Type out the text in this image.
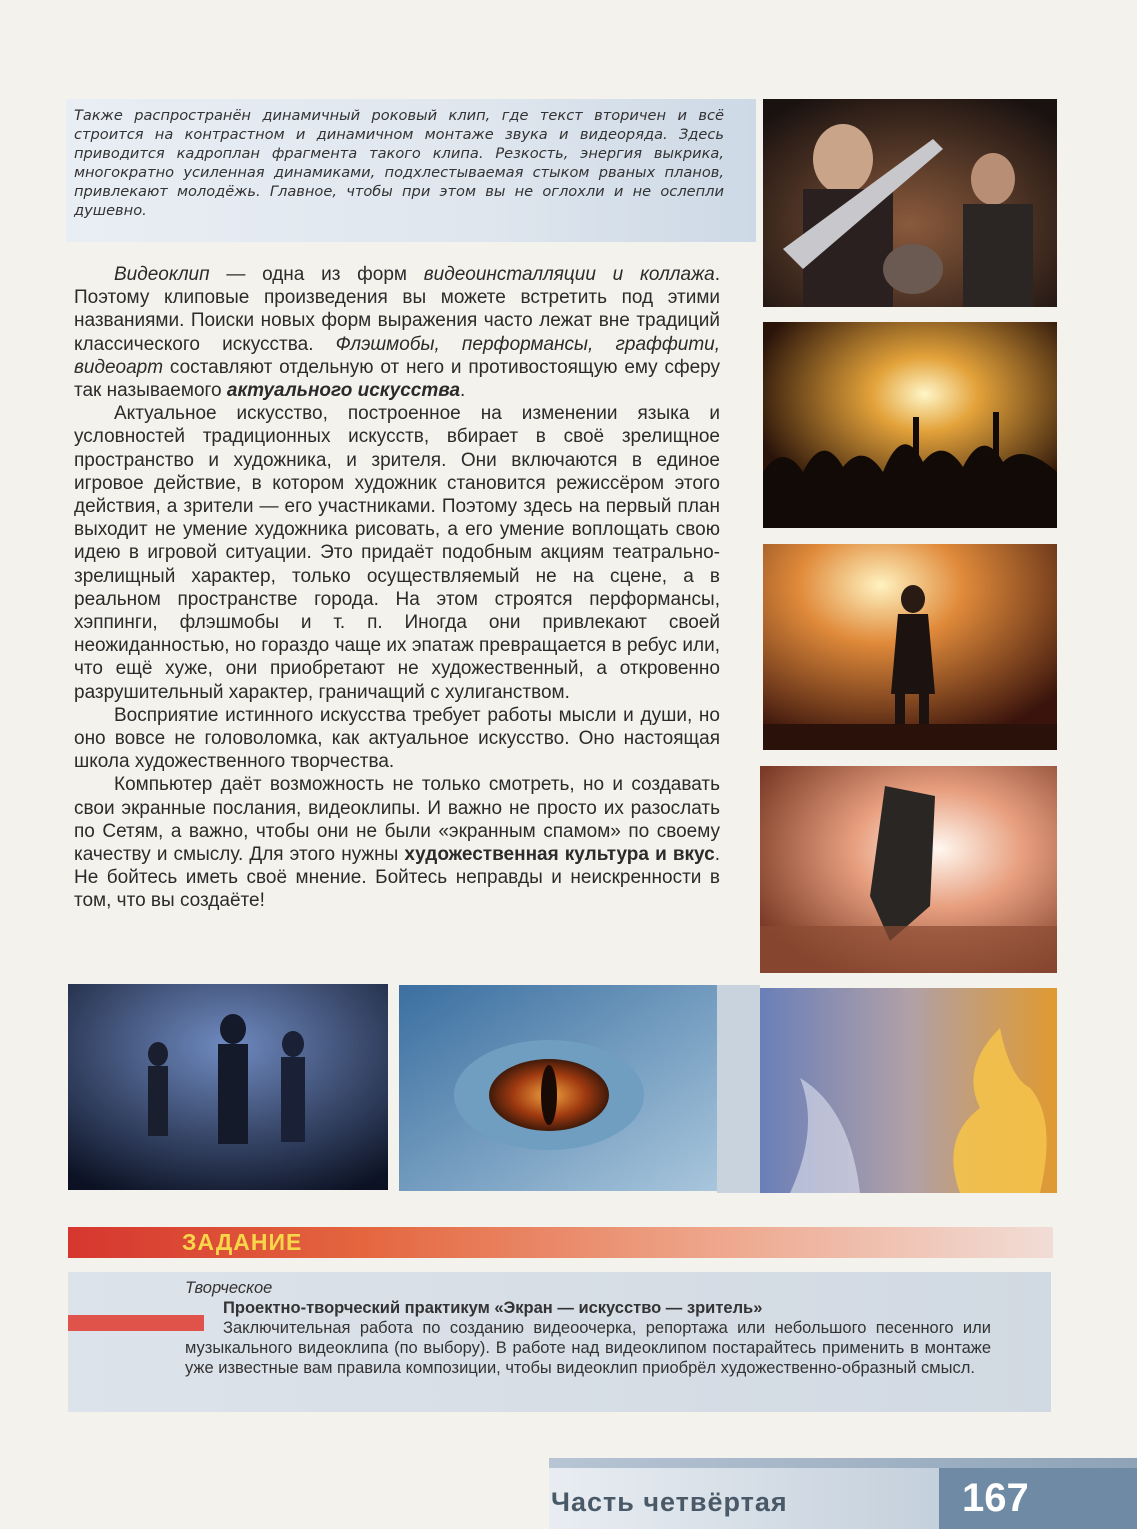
Также распространён динамичный роковый клип, где текст вторичен и всё строится на контрастном и динамичном монтаже звука и видеоряда. Здесь приводится кадроплан фрагмента такого клипа. Резкость, энергия выкрика, многократно усиленная динамиками, подхлестываемая стыком рваных планов, привлекают молодёжь. Главное, чтобы при этом вы не оглохли и не ослепли душевно.

Видеоклип — одна из форм видеоинсталляции и коллажа. Поэтому клиповые произведения вы можете встретить под этими названиями. Поиски новых форм выражения часто лежат вне традиций классического искусства. Флэшмобы, перформансы, граффити, видеоарт составляют отдельную от него и противостоящую ему сферу так называемого актуального искусства.

Актуальное искусство, построенное на изменении языка и условностей традиционных искусств, вбирает в своё зрелищное пространство и художника, и зрителя. Они включаются в единое игровое действие, в котором художник становится режиссёром этого действия, а зрители — его участниками. Поэтому здесь на первый план выходит не умение художника рисовать, а его умение воплощать свою идею в игровой ситуации. Это придаёт подобным акциям театрально-зрелищный характер, только осуществляемый не на сцене, а в реальном пространстве города. На этом строятся перформансы, хэппинги, флэшмобы и т. п. Иногда они привлекают своей неожиданностью, но гораздо чаще их эпатаж превращается в ребус или, что ещё хуже, они приобретают не художественный, а откровенно разрушительный характер, граничащий с хулиганством.

Восприятие истинного искусства требует работы мысли и души, но оно вовсе не головоломка, как актуальное искусство. Оно настоящая школа художественного творчества.

Компьютер даёт возможность не только смотреть, но и создавать свои экранные послания, видеоклипы. И важно не просто их разослать по Сетям, а важно, чтобы они не были «экранным спамом» по своему качеству и смыслу. Для этого нужны художественная культура и вкус. Не бойтесь иметь своё мнение. Бойтесь неправды и неискренности в том, что вы создаёте!

ЗАДАНИЕ
Творческое
Проектно-творческий практикум «Экран — искусство — зритель»
Заключительная работа по созданию видеоочерка, репортажа или небольшого песенного или музыкального видеоклипа (по выбору). В работе над видеоклипом постарайтесь применить в монтаже уже известные вам правила композиции, чтобы видеоклип приобрёл художественно-образный смысл.
Часть четвёртая	167
